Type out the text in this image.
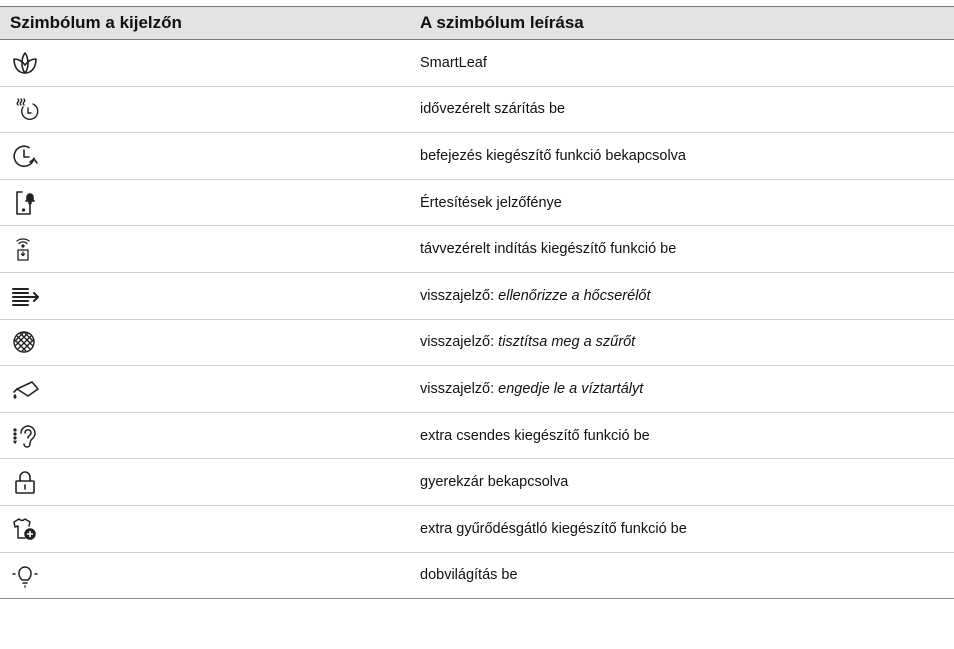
Szimbólum a kijelzőn	A szimbólum leírása
SmartLeaf
idővezérelt szárítás be
befejezés kiegészítő funkció bekapcsolva
Értesítések jelzőfénye
távvezérelt indítás kiegészítő funkció be
visszajelző: ellenőrizze a hőcserélőt
visszajelző: tisztítsa meg a szűrőt
visszajelző: engedje le a víztartályt
extra csendes kiegészítő funkció be
gyerekzár bekapcsolva
extra gyűrődésgátló kiegészítő funkció be
dobvilágítás be
